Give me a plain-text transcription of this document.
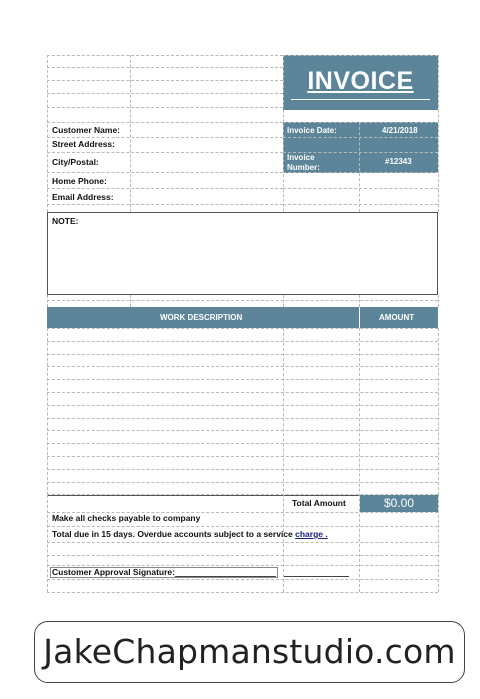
INVOICE
Invoice Date:	4/21/2018
Invoice
Number:
#12343
Customer Name:
Street Address:
City/Postal:
Home Phone:
Email Address:
NOTE:
WORK DESCRIPTION	AMOUNT
Total Amount	$0.00
Make all checks payable to company
Total due in 15 days. Overdue accounts subject to a service charge .
Customer Approval Signature:
JakeChapmanstudio.com
